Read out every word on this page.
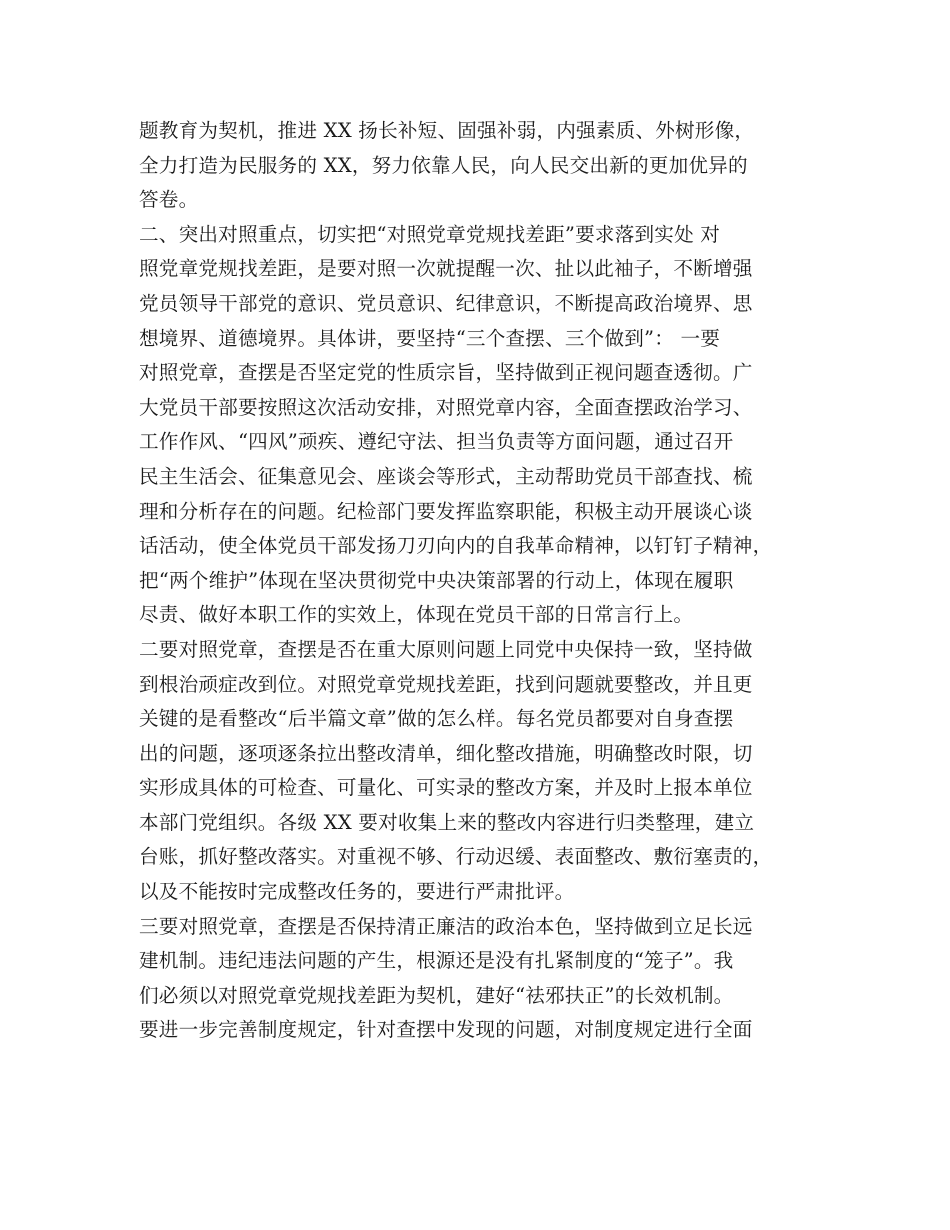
题教育为契机，推进 XX 扬长补短、固强补弱，内强素质、外树形像，
全力打造为民服务的 XX，努力依靠人民，向人民交出新的更加优异的
答卷。
二、突出对照重点，切实把“对照党章党规找差距”要求落到实处 对
照党章党规找差距，是要对照一次就提醒一次、扯以此袖子，不断增强
党员领导干部党的意识、党员意识、纪律意识，不断提高政治境界、思
想境界、道德境界。具体讲，要坚持“三个查摆、三个做到”： 一要
对照党章，查摆是否坚定党的性质宗旨，坚持做到正视问题查透彻。广
大党员干部要按照这次活动安排，对照党章内容，全面查摆政治学习、
工作作风、“四风”顽疾、遵纪守法、担当负责等方面问题，通过召开
民主生活会、征集意见会、座谈会等形式，主动帮助党员干部查找、梳
理和分析存在的问题。纪检部门要发挥监察职能，积极主动开展谈心谈
话活动，使全体党员干部发扬刀刃向内的自我革命精神，以钉钉子精神，
把“两个维护”体现在坚决贯彻党中央决策部署的行动上，体现在履职
尽责、做好本职工作的实效上，体现在党员干部的日常言行上。
二要对照党章，查摆是否在重大原则问题上同党中央保持一致，坚持做
到根治顽症改到位。对照党章党规找差距，找到问题就要整改，并且更
关键的是看整改“后半篇文章”做的怎么样。每名党员都要对自身查摆
出的问题，逐项逐条拉出整改清单，细化整改措施，明确整改时限，切
实形成具体的可检查、可量化、可实录的整改方案，并及时上报本单位
本部门党组织。各级 XX 要对收集上来的整改内容进行归类整理，建立
台账，抓好整改落实。对重视不够、行动迟缓、表面整改、敷衍塞责的，
以及不能按时完成整改任务的，要进行严肃批评。
三要对照党章，查摆是否保持清正廉洁的政治本色，坚持做到立足长远
建机制。违纪违法问题的产生，根源还是没有扎紧制度的“笼子”。我
们必须以对照党章党规找差距为契机，建好“祛邪扶正”的长效机制。
要进一步完善制度规定，针对查摆中发现的问题，对制度规定进行全面
